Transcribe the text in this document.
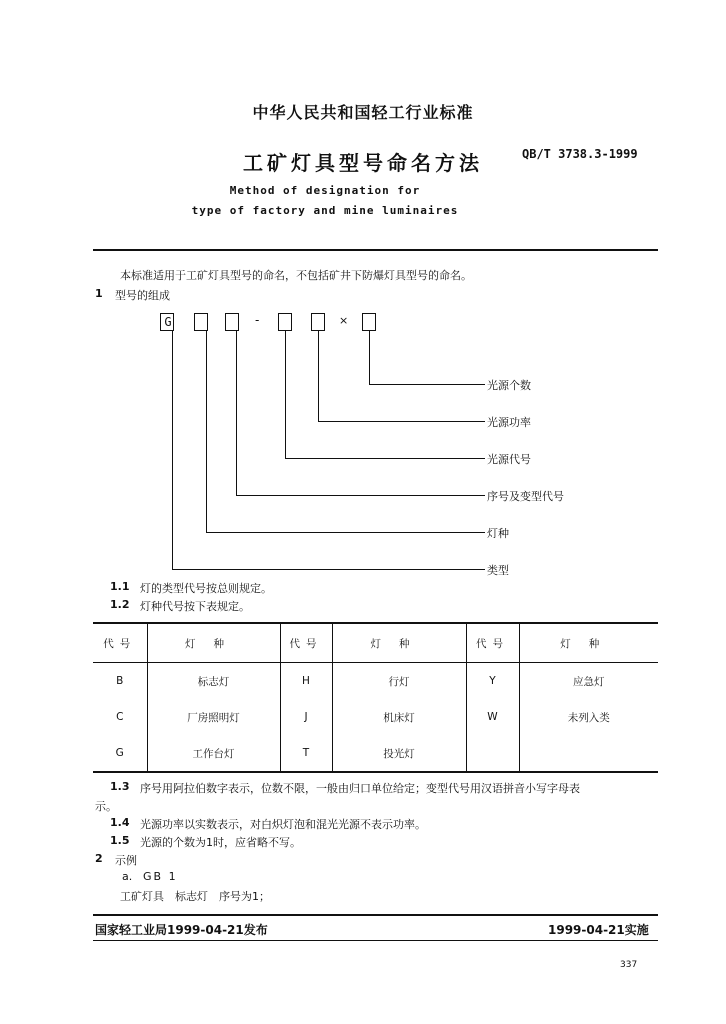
中华人民共和国轻工行业标准
工矿灯具型号命名方法	QB/T 3738.3-1999
Method of designation for
type of factory and mine luminaires
本标准适用于工矿灯具型号的命名，不包括矿井下防爆灯具型号的命名。
1 型号的组成
G	-	×
光源个数
光源功率
光源代号
序号及变型代号
灯种
类型
1.1 灯的类型代号按总则规定。
1.2 灯种代号按下表规定。
代号	灯种	代号	灯种	代号	灯种
B	标志灯	H	行灯	Y	应急灯
C	厂房照明灯	J	机床灯	W	未列入类
G	工作台灯	T	投光灯		
1.3 序号用阿拉伯数字表示，位数不限，一般由归口单位给定；变型代号用汉语拼音小写字母表
示。
1.4 光源功率以实数表示，对白炽灯泡和混光光源不表示功率。
1.5 光源的个数为1时，应省略不写。
2 示例
a. GB 1
工矿灯具　标志灯　序号为1；
国家轻工业局1999-04-21发布	1999-04-21实施
337
